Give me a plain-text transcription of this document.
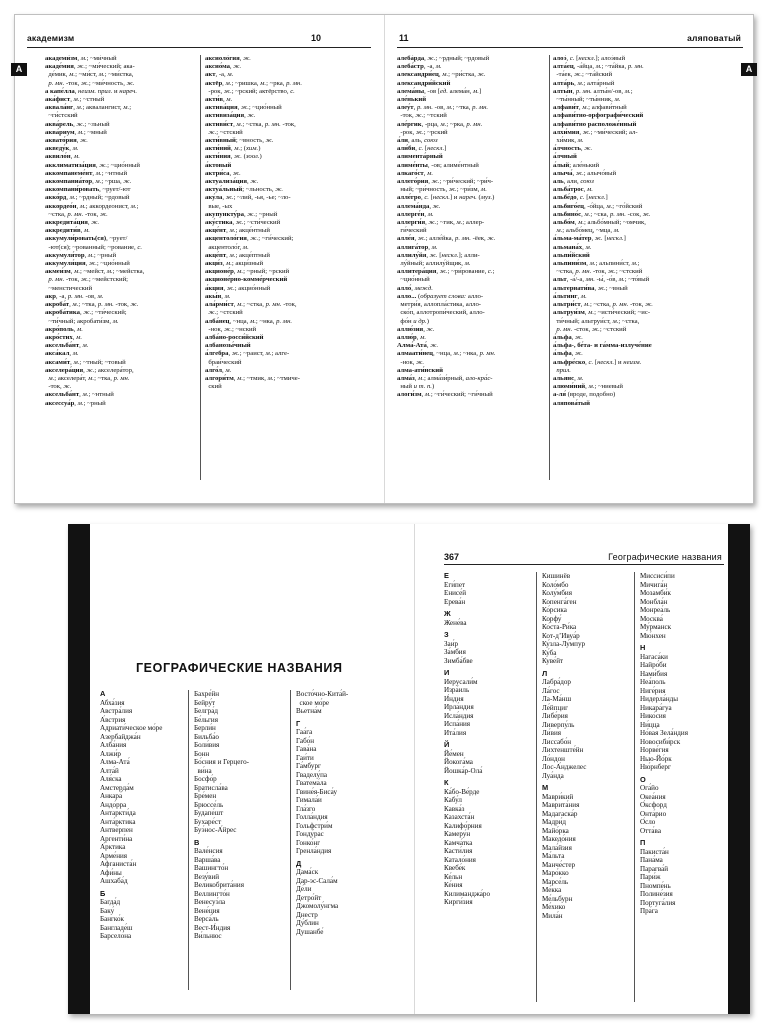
академизм	10	11	аляповатый
А	А
академи́зм, м.; ~ми́чный
акаде́мия, ж.; ~ми́ческий; ака-
де́мик, м.; ~ми́ст, м.; ~ми́стка,
р. мн. -ток, ж.; ~ми́чность, ж.
а капе́лла, неизм. прил. и нареч.
ака́фист, м.; ~стный
аквала́нг, м.; аквалангист, м.;
~ги́стский
аква́рель, ж.; ~льный
аква́риум, м.; ~мный
аквато́рия, ж.
акведу́к, м.
аквило́н, м.
акклиматиза́ция, ж.; ~цио́нный
аккомпанеме́нт, м.; ~нтный
аккомпаниа́тор, м.; ~рша, ж.
аккомпани́ровать, ~рует/-ют
акко́рд, м.; ~рдный; ~рдовый
аккордео́н, м.; аккордеонист, м.;
~стка, р. мн. -ток, ж.
аккредита́ция, ж.
аккредити́в, м.
аккумули́ровать(ся), ~рует/
-ют(ся); ~рованный; ~рование, с.
аккумуля́тор, м.; ~рный
аккумуля́ция, ж.; ~цио́нный
акмеи́зм, м.; ~мейст, м.; ~мейстка,
р. мн. -ток, ж.; ~мейстский;
~менстический
акр, -а, р. мн. -ов, м.
акроба́т, м.; ~тка, р. мн. -ток, ж.
акроба́тика, ж.; ~ти́ческий;
~ти́чный; акробати́зм, м.
акро́поль, м.
акро́стих, м.
аксельба́нт, м.
акса́кал, м.
аксами́т, м.; ~тный; ~товый
акселера́ция, ж.; акселера́тор,
м.; акселера́т, м.; ~тка, р. мн.
-ток, ж.
аксельба́нт, м.; ~нтный
аксессуа́р, м.; ~рный
аксиоло́гия, ж.
аксио́ма, ж.
акт, -а, м.
актёр, м.; ~ришка, м.; ~рка, р. мн.
-рок, ж.; ~рский; актёрство, с.
акти́в, м.
актива́ция, ж.; ~цио́нный
активиза́ция, ж.
активи́ст, м.; ~стка, р. мн. -ток,
ж.; ~стский
акти́вный; ~вность, ж.
акти́ний, м.; (хим.)
акти́ния, ж. (зоол.)
а́ктовый
актри́са, ж.
актуализа́ция, ж.
актуа́льный; ~льность, ж.
аку́ла, ж.; ~лий, -ья, -ье; ~ло-
вые, -ых
акупункту́ра, ж.; ~рный
аку́стика, ж.; ~сти́ческий
акце́нт, м.; акце́нтный
акцентоло́гия, ж.; ~ги́ческий;
акцентоло́г, м.
акце́пт, м.; акце́птный
акци́з, м.; акци́зный
акционе́р, м.; ~рный; ~рский
акционе́рно-комме́рческий
а́кция, ж.; акцио́нный
акы́н, м.
ала́рми́ст, м.; ~стка, р. мн. -ток,
ж.; ~стский
алба́нец, ~нца, м.; ~нка, р. мн.
-нок, ж.; ~нский
алба́но-росси́йский
албанозы́чный
а́лгебра, ж.; ~раист, м.; алге-
браи́ческий
алго́л, м.
алгори́тм, м.; ~тмик, м.; ~тмиче-
ский
алеба́рда, ж.; ~рдный; ~рдовый
алеба́стр, -а, м.
александри́ец, м.; ~ри́стка, ж.
александри́йский
алема́ны, -ов [ед. алема́н, м.]
але́нький
алеу́т, р. мн. -ов, м.; ~тка, р. мн.
-ток, ж.; ~тский
але́ргик, -рца, м.; ~рка, р. мн.
-рок, ж.; ~рский
а́ли, аль, союз
али́би, с. [нескл.]
алимента́рный
алиме́нты, -ов; алиме́нтный
алкаго́ст, м.
аллего́рия, ж.; ~ри́ческий; ~ри́ч-
ный; ~ри́чность, ж.; ~ри́зм, м.
алле́гро, с. [нескл.] и нареч. (муз.)
аллема́нда, ж.
аллерге́н, м.
аллерги́я, ж.; ~гик, м.; аллер-
ги́ческий
алле́я, ж.; алле́йка, р. мн. -ёек, ж.
аллига́тор, м.
аллилу́йя, ж. [нескл.]; алли-
лу́йный; аллилу́йщик, м.
аллитера́ция, ж.; ~ри́рование, с.;
~цио́нный
алло́, межд.
алло... (образует слова: алло-
метри́я, аллопла́стика, алло-
ско́п, аллотропи́ческий, алло-
фо́н и др.)
аллю́зия, ж.
аллю́р, м.
Алма́-Ата́, ж.
алмаати́нец, ~нца, м.; ~нка, р. мн.
-нок, ж.
алма-ати́нский
алма́з, м.; алма́зи́рный, ало-кра́с-
ный и т. п.)
алоги́зм, м.; ~ги́ческий; ~ги́чный
алоэ́, с. [нескл.]; алоэ́вый
алта́ец, -а́йца, м.; ~та́йка, р. мн.
-та́ек, ж.; ~та́йский
алта́рь, м.; алта́рный
алты́н, р. мн. алты́н/-ов, м.;
~ты́нный; ~ты́нник, м.
алфави́т, м.; алфави́тный
алфави́тно-орфографи́ческий
алфави́тно расположе́нный
алхи́мия, ж.; ~ми́ческий; ал-
хи́мик, м.
а́лчность, ж.
а́лчный
а́лый; але́нький
алыча́, ж.; алычо́вый
аль, али, союз
альба́трос, м.
альбе́до, с. [нескл.]
альбиго́ец, -о́йца, м.; ~го́йский
альбино́с, м.; ~ска, р. мн. -сок, ж.
альбо́м, м.; альбо́мный; ~омчик,
м.; альбо́мец, ~мца, м.
а́льма-ма́тер, ж. [нескл.]
альмана́х, м.
альпи́йский
альпини́зм, м.; альпини́ст, м.;
~стка, р. мн. -ток, ж.; ~стский
альт, -а́/-а, мн. -ы́, -о́в, м.; ~то́вый
альтернати́ва, ж.; ~вный
а́льтинг, м.
альтри́ст, м.; ~стка, р. мн. -ток, ж.
альтруи́зм, м.; ~исти́ческий; ~ис-
ти́чный; альтруи́ст, м.; ~стка,
р. мн. -сток, ж.; ~стский
а́льфа, ж.
а́льфа-, бе́та- и га́мма-излуче́ние
а́льфа, ж.
альфре́ско, с. [нескл.] и неизм.
прил.
альянс, м.
алюми́ний, м.; ~ниевый
а-ля́ (вроде, подобно)
аляпова́тый
367	Географические названия
ГЕОГРАФИЧЕСКИЕ НАЗВАНИЯ
А
Абха́зия
Австра́лия
А́встрия
Адриати́ческое мо́ре
Азербайджа́н
Алба́ния
Алжи́р
Алма-Ата́
Алта́й
Аля́ска
Амстерда́м
Анкара́
Андо́рра
Антаркти́да
Анта́рктика
Антве́рпен
Аргенти́на
А́рктика
Арме́ния
Афганиста́н
Афи́ны
Ашхаба́д
Б
Багда́д
Баку́
Бангко́к
Бангладе́ш
Барсело́на
Бахре́йн
Бейру́т
Белгра́д
Бе́льгия
Берли́н
Бильба́о
Боли́вия
Бонн
Бо́сния и Герцего-
ви́на
Босфо́р
Братисла́ва
Бре́мен
Брюссе́ль
Будапе́шт
Бухаре́ст
Буэ́нос-А́йрес
В
Вале́нсия
Варша́ва
Вашингто́н
Везу́вий
Великобрита́ния
Веллингто́н
Венесуэ́ла
Вене́ция
Верса́ль
Вест-И́ндия
Ви́льнюс
Восто́чно-Кита́й-
ское мо́ре
Вьетна́м
Г
Гаа́га
Габо́н
Гава́на
Гаи́ти
Га́мбург
Гваделу́па
Гватема́ла
Гвине́я-Биса́у
Гимала́и
Гла́зго
Голла́ндия
Гольфстри́м
Гонду́рас
Гонко́нг
Гренла́ндия
Д
Дама́ск
Дар-эс-Сала́м
Де́ли
Детро́йт
Джомолу́нгма
Днестр
Ду́блин
Душанбе́
Е
Еги́пет
Енисе́й
Ерева́н
Ж
Жене́ва
З
Заи́р
За́мбия
Зимба́бве
И
Иерусали́м
Изра́иль
И́ндия
Ирла́ндия
Исла́ндия
Испа́ния
Ита́лия
Й
Йе́мен
Йокога́ма
Йошка́р-Ола́
К
Ка́бо-Ве́рде
Кабу́л
Кавка́з
Казахста́н
Калифо́рния
Камеру́н
Камча́тка
Касти́лия
Катало́ния
Квебе́к
Ке́льн
Ке́ния
Килиманджа́ро
Кирги́зия
Кишинёв
Коло́мбо
Колу́мбия
Копенга́ген
Ко́рсика
Корфу́
Ко́ста-Ри́ка
Кот-д’Ивуа́р
Ку́зла-Лу́мпур
Ку́ба
Куве́йт
Л
Лабра́дор
Ла́гос
Ла-Ма́нш
Ле́йпциг
Либе́рия
Ливерпу́ль
Ли́вия
Лиссабо́н
Лихтенште́йн
Ло́ндон
Лос-А́нджелес
Луа́нда
М
Маври́кий
Маврита́ния
Мадагаска́р
Мадри́д
Майо́рка
Македо́ния
Мала́йзия
Ма́льта
Манче́стер
Маро́кко
Марсе́ль
Ме́кка
Ме́льбурн
Ме́хико
Мила́н
Миссиси́пи
Мичига́н
Мозамби́к
Монбла́н
Монреа́ль
Москва́
Му́рманск
Мю́нхен
Н
Нагаса́ки
Найро́би
Нами́бия
Неа́поль
Ниге́рия
Нидерла́нды
Никара́гуа
Нико́сия
Ни́цца
Но́вая Зела́ндия
Новосиби́рск
Норве́гия
Нью-Йо́рк
Ню́рнберг
О
Ога́йо
Океа́ния
О́ксфорд
Онта́рио
О́сло
Отта́ва
П
Пакиста́н
Пана́ма
Парагва́й
Пари́ж
Пномпе́нь
Полине́зия
Португа́лия
Пра́га
